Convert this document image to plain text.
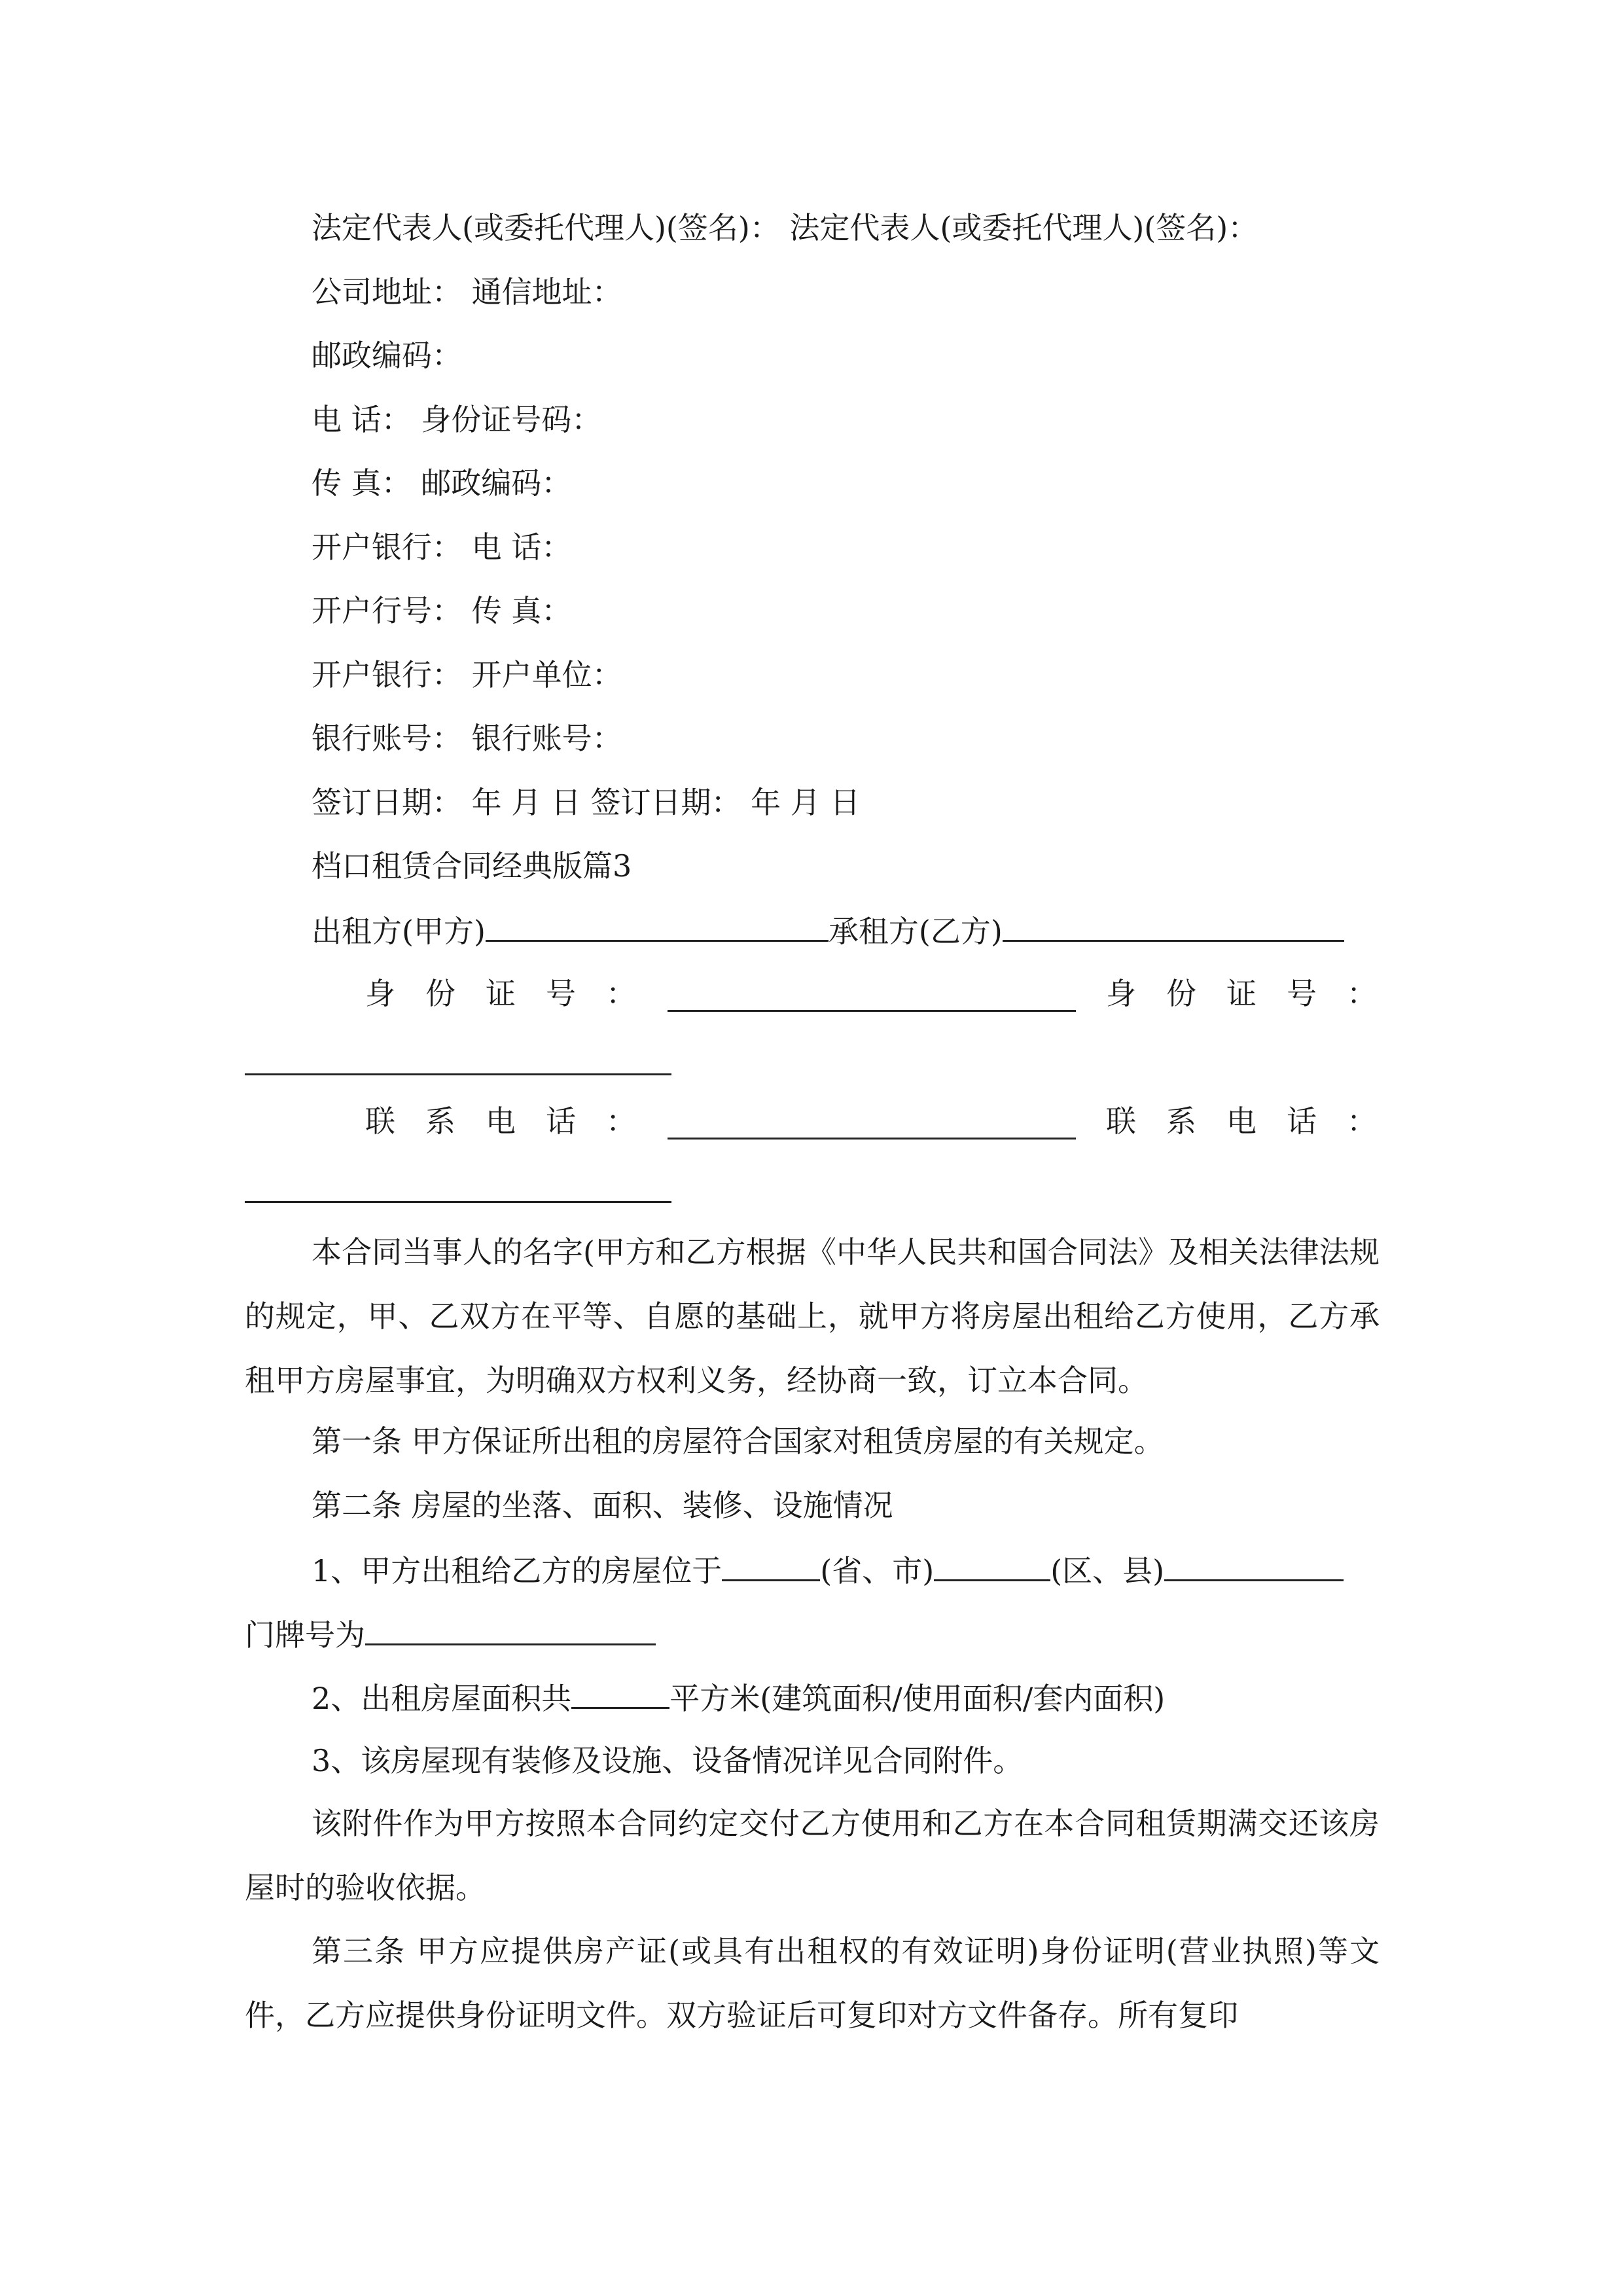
法定代表人(或委托代理人)(签名)： 法定代表人(或委托代理人)(签名)：
公司地址： 通信地址：
邮政编码：
电 话： 身份证号码：
传 真： 邮政编码：
开户银行： 电 话：
开户行号： 传 真：
开户银行： 开户单位：
银行账号： 银行账号：
签订日期： 年 月 日 签订日期： 年 月 日
档口租赁合同经典版篇3
出租方(甲方)	承租方(乙方)
身 份 证 号 ：	身 份 证 号 ：
联 系 电 话 ：	联 系 电 话 ：
本合同当事人的名字(甲方和乙方根据《中华人民共和国合同法》及相关法律法规的规定，甲、乙双方在平等、自愿的基础上，就甲方将房屋出租给乙方使用，乙方承租甲方房屋事宜，为明确双方权利义务，经协商一致，订立本合同。
第一条 甲方保证所出租的房屋符合国家对租赁房屋的有关规定。
第二条 房屋的坐落、面积、装修、设施情况
1、甲方出租给乙方的房屋位于	(省、市)	(区、县)
门牌号为
2、出租房屋面积共	平方米(建筑面积/使用面积/套内面积)
3、该房屋现有装修及设施、设备情况详见合同附件。
该附件作为甲方按照本合同约定交付乙方使用和乙方在本合同租赁期满交还该房屋时的验收依据。
第三条 甲方应提供房产证(或具有出租权的有效证明)身份证明(营业执照)等文件，乙方应提供身份证明文件。双方验证后可复印对方文件备存。所有复印
